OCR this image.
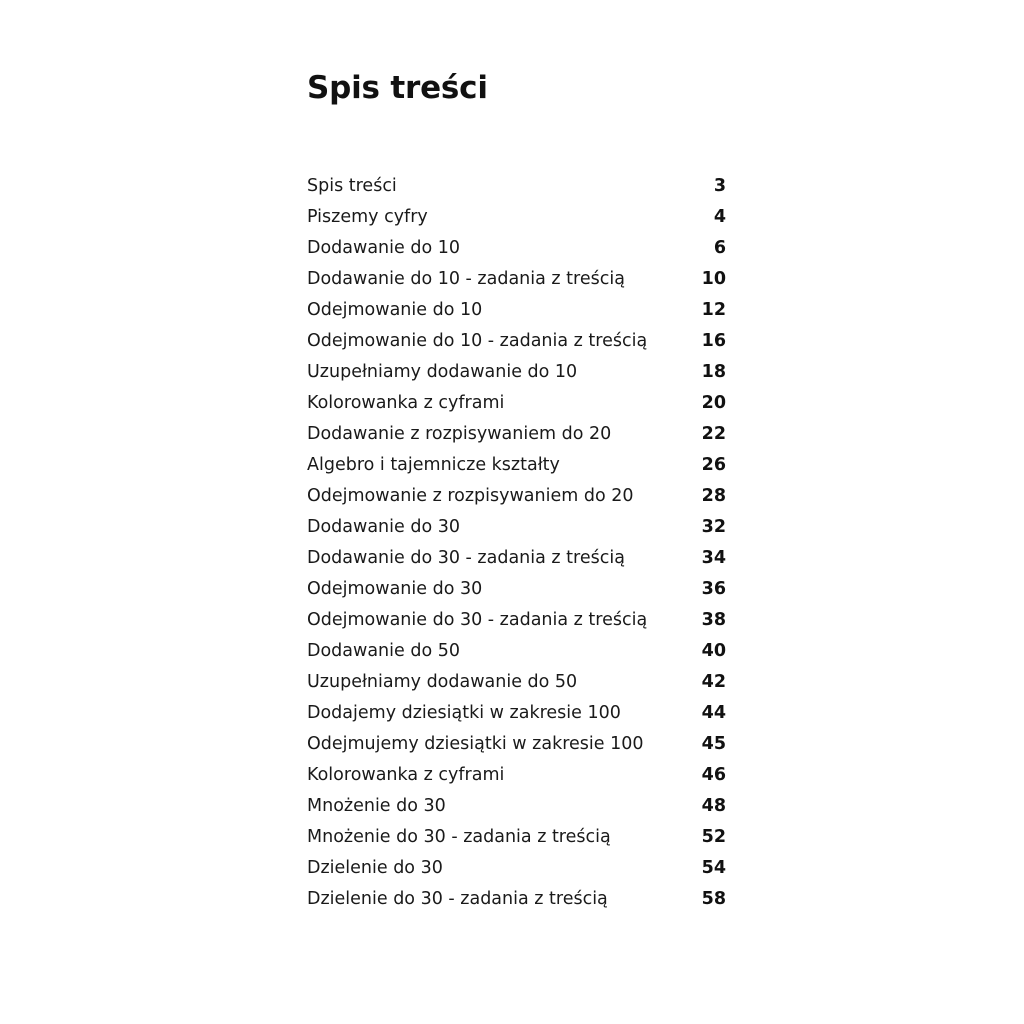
Spis treści
Spis treści	3
Piszemy cyfry	4
Dodawanie do 10	6
Dodawanie do 10 - zadania z treścią	10
Odejmowanie do 10	12
Odejmowanie do 10 - zadania z treścią	16
Uzupełniamy dodawanie do 10	18
Kolorowanka z cyframi	20
Dodawanie z rozpisywaniem do 20	22
Algebro i tajemnicze kształty	26
Odejmowanie z rozpisywaniem do 20	28
Dodawanie do 30	32
Dodawanie do 30 - zadania z treścią	34
Odejmowanie do 30	36
Odejmowanie do 30 - zadania z treścią	38
Dodawanie do 50	40
Uzupełniamy dodawanie do 50	42
Dodajemy dziesiątki w zakresie 100	44
Odejmujemy dziesiątki w zakresie 100	45
Kolorowanka z cyframi	46
Mnożenie do 30	48
Mnożenie do 30 - zadania z treścią	52
Dzielenie do 30	54
Dzielenie do 30 - zadania z treścią	58
